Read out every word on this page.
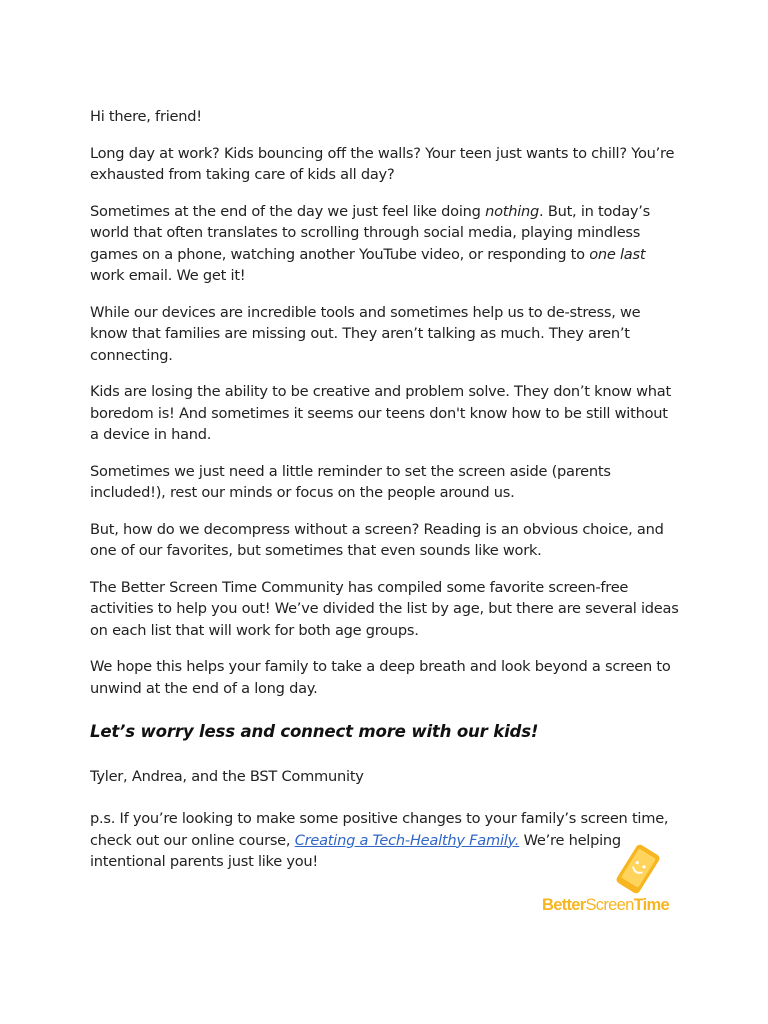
Hi there, friend!

Long day at work? Kids bouncing off the walls? Your teen just wants to chill? You’re exhausted from taking care of kids all day?

Sometimes at the end of the day we just feel like doing nothing. But, in today’s world that often translates to scrolling through social media, playing mindless games on a phone, watching another YouTube video, or responding to one last work email. We get it!

While our devices are incredible tools and sometimes help us to de-stress, we know that families are missing out. They aren’t talking as much. They aren’t connecting.

Kids are losing the ability to be creative and problem solve. They don’t know what boredom is! And sometimes it seems our teens don't know how to be still without a device in hand.

Sometimes we just need a little reminder to set the screen aside (parents included!), rest our minds or focus on the people around us.

But, how do we decompress without a screen? Reading is an obvious choice, and one of our favorites, but sometimes that even sounds like work.

The Better Screen Time Community has compiled some favorite screen-free activities to help you out! We’ve divided the list by age, but there are several ideas on each list that will work for both age groups.

We hope this helps your family to take a deep breath and look beyond a screen to unwind at the end of a long day.

Let’s worry less and connect more with our kids!

Tyler, Andrea, and the BST Community

p.s. If you’re looking to make some positive changes to your family’s screen time, check out our online course, Creating a Tech-Healthy Family. We’re helping intentional parents just like you!

BetterScreenTime
